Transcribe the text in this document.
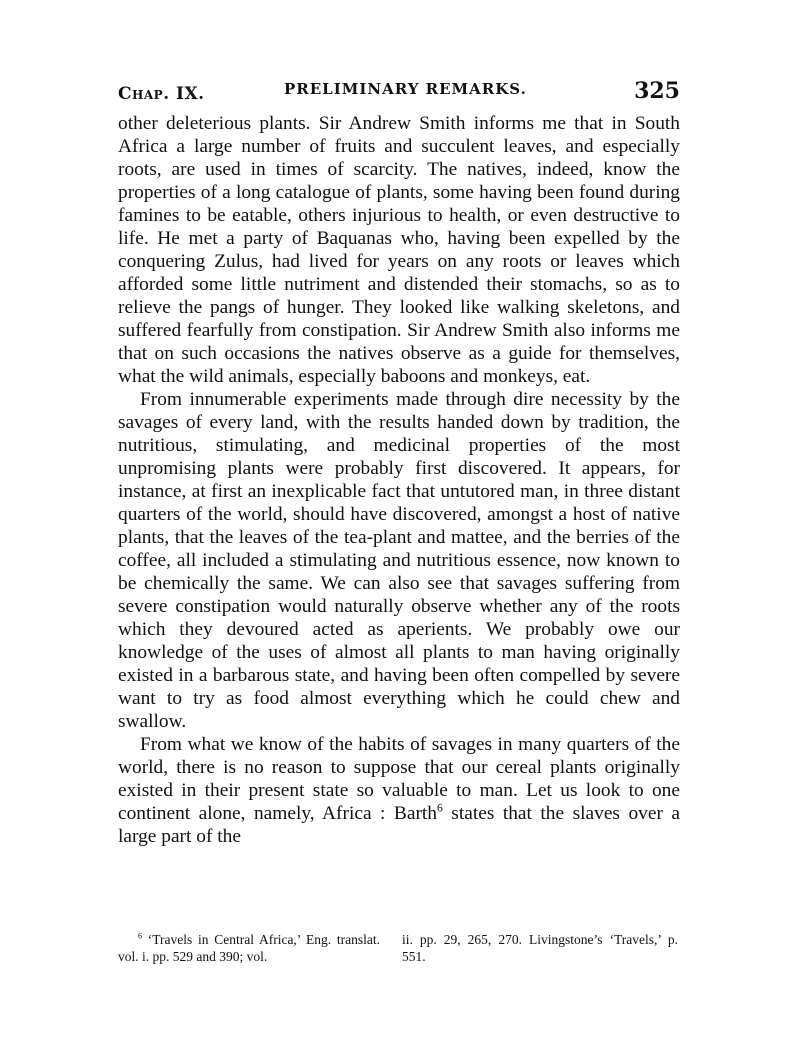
Chap. IX.	PRELIMINARY REMARKS.	325

other deleterious plants. Sir Andrew Smith informs me that in South Africa a large number of fruits and succulent leaves, and especially roots, are used in times of scarcity. The natives, indeed, know the properties of a long catalogue of plants, some having been found during famines to be eatable, others injurious to health, or even destructive to life. He met a party of Baquanas who, having been expelled by the conquering Zulus, had lived for years on any roots or leaves which afforded some little nutriment and distended their stomachs, so as to relieve the pangs of hunger. They looked like walking skeletons, and suffered fearfully from constipation. Sir Andrew Smith also informs me that on such occasions the natives observe as a guide for themselves, what the wild animals, especially baboons and monkeys, eat.

From innumerable experiments made through dire necessity by the savages of every land, with the results handed down by tradition, the nutritious, stimulating, and medicinal properties of the most unpromising plants were probably first discovered. It appears, for instance, at first an inexplicable fact that untutored man, in three distant quarters of the world, should have discovered, amongst a host of native plants, that the leaves of the tea-plant and mattee, and the berries of the coffee, all included a stimulating and nutritious essence, now known to be chemically the same. We can also see that savages suffering from severe constipation would naturally observe whether any of the roots which they devoured acted as aperients. We probably owe our knowledge of the uses of almost all plants to man having originally existed in a barbarous state, and having been often compelled by severe want to try as food almost everything which he could chew and swallow.

From what we know of the habits of savages in many quarters of the world, there is no reason to suppose that our cereal plants originally existed in their present state so valuable to man. Let us look to one continent alone, namely, Africa : Barth$^6$ states that the slaves over a large part of the

$^6$ ‘Travels in Central Africa,’ Eng. translat. vol. i. pp. 529 and 390; vol.
ii. pp. 29, 265, 270. Livingstone’s ‘Travels,’ p. 551.
